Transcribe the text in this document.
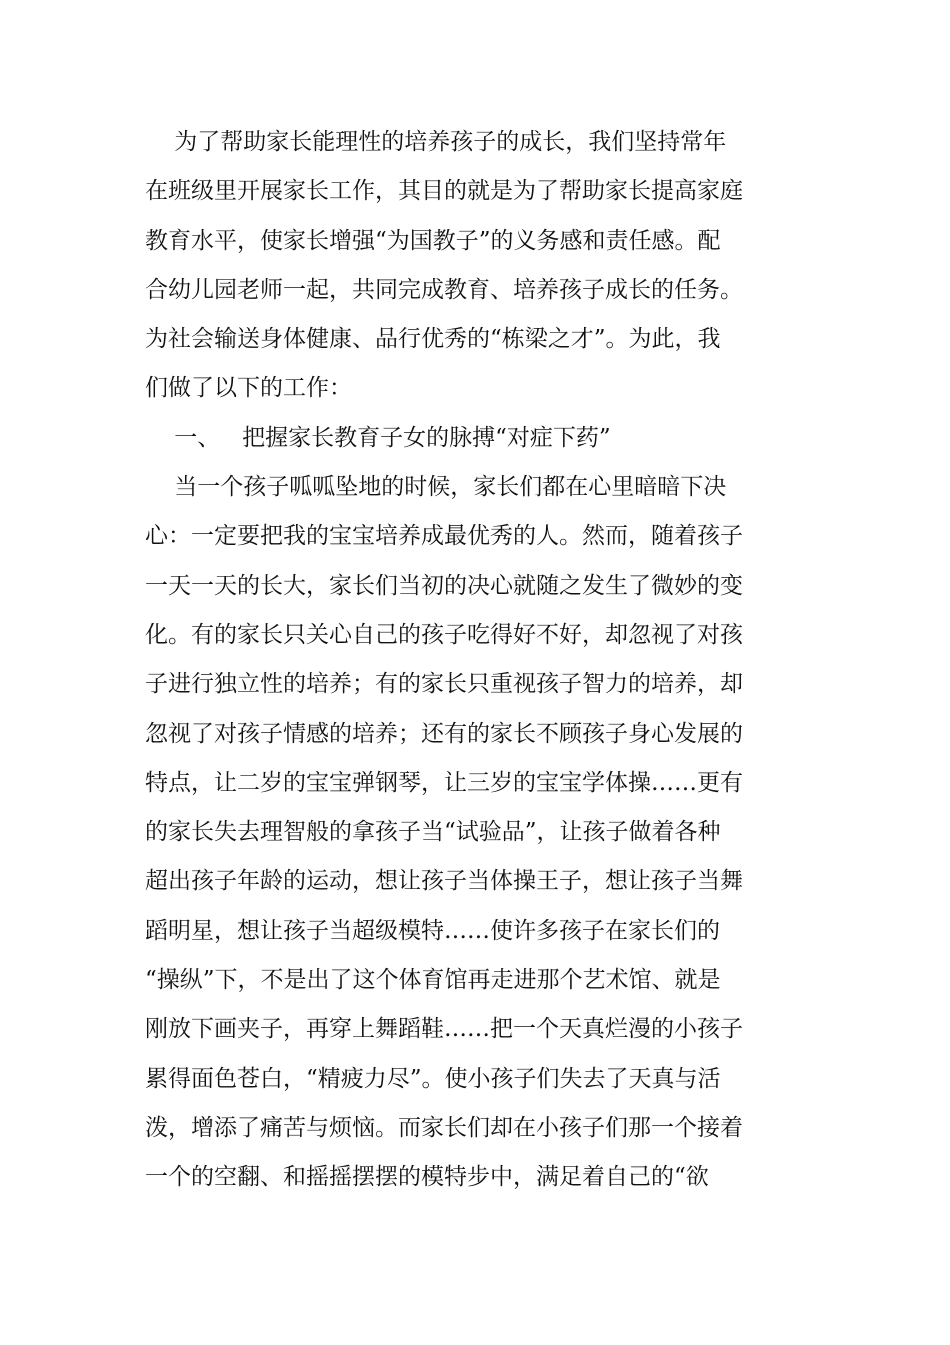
为了帮助家长能理性的培养孩子的成长，我们坚持常年
在班级里开展家长工作，其目的就是为了帮助家长提高家庭
教育水平，使家长增强“为国教子”的义务感和责任感。配
合幼儿园老师一起，共同完成教育、培养孩子成长的任务。
为社会输送身体健康、品行优秀的“栋梁之才”。为此，我
们做了以下的工作：
一、   把握家长教育子女的脉搏“对症下药”
当一个孩子呱呱坠地的时候，家长们都在心里暗暗下决
心：一定要把我的宝宝培养成最优秀的人。然而，随着孩子
一天一天的长大，家长们当初的决心就随之发生了微妙的变
化。有的家长只关心自己的孩子吃得好不好，却忽视了对孩
子进行独立性的培养；有的家长只重视孩子智力的培养，却
忽视了对孩子情感的培养；还有的家长不顾孩子身心发展的
特点，让二岁的宝宝弹钢琴，让三岁的宝宝学体操……更有
的家长失去理智般的拿孩子当“试验品”，让孩子做着各种
超出孩子年龄的运动，想让孩子当体操王子，想让孩子当舞
蹈明星，想让孩子当超级模特……使许多孩子在家长们的
“操纵”下，不是出了这个体育馆再走进那个艺术馆、就是
刚放下画夹子，再穿上舞蹈鞋……把一个天真烂漫的小孩子
累得面色苍白，“精疲力尽”。使小孩子们失去了天真与活
泼，增添了痛苦与烦恼。而家长们却在小孩子们那一个接着
一个的空翻、和摇摇摆摆的模特步中，满足着自己的“欲
